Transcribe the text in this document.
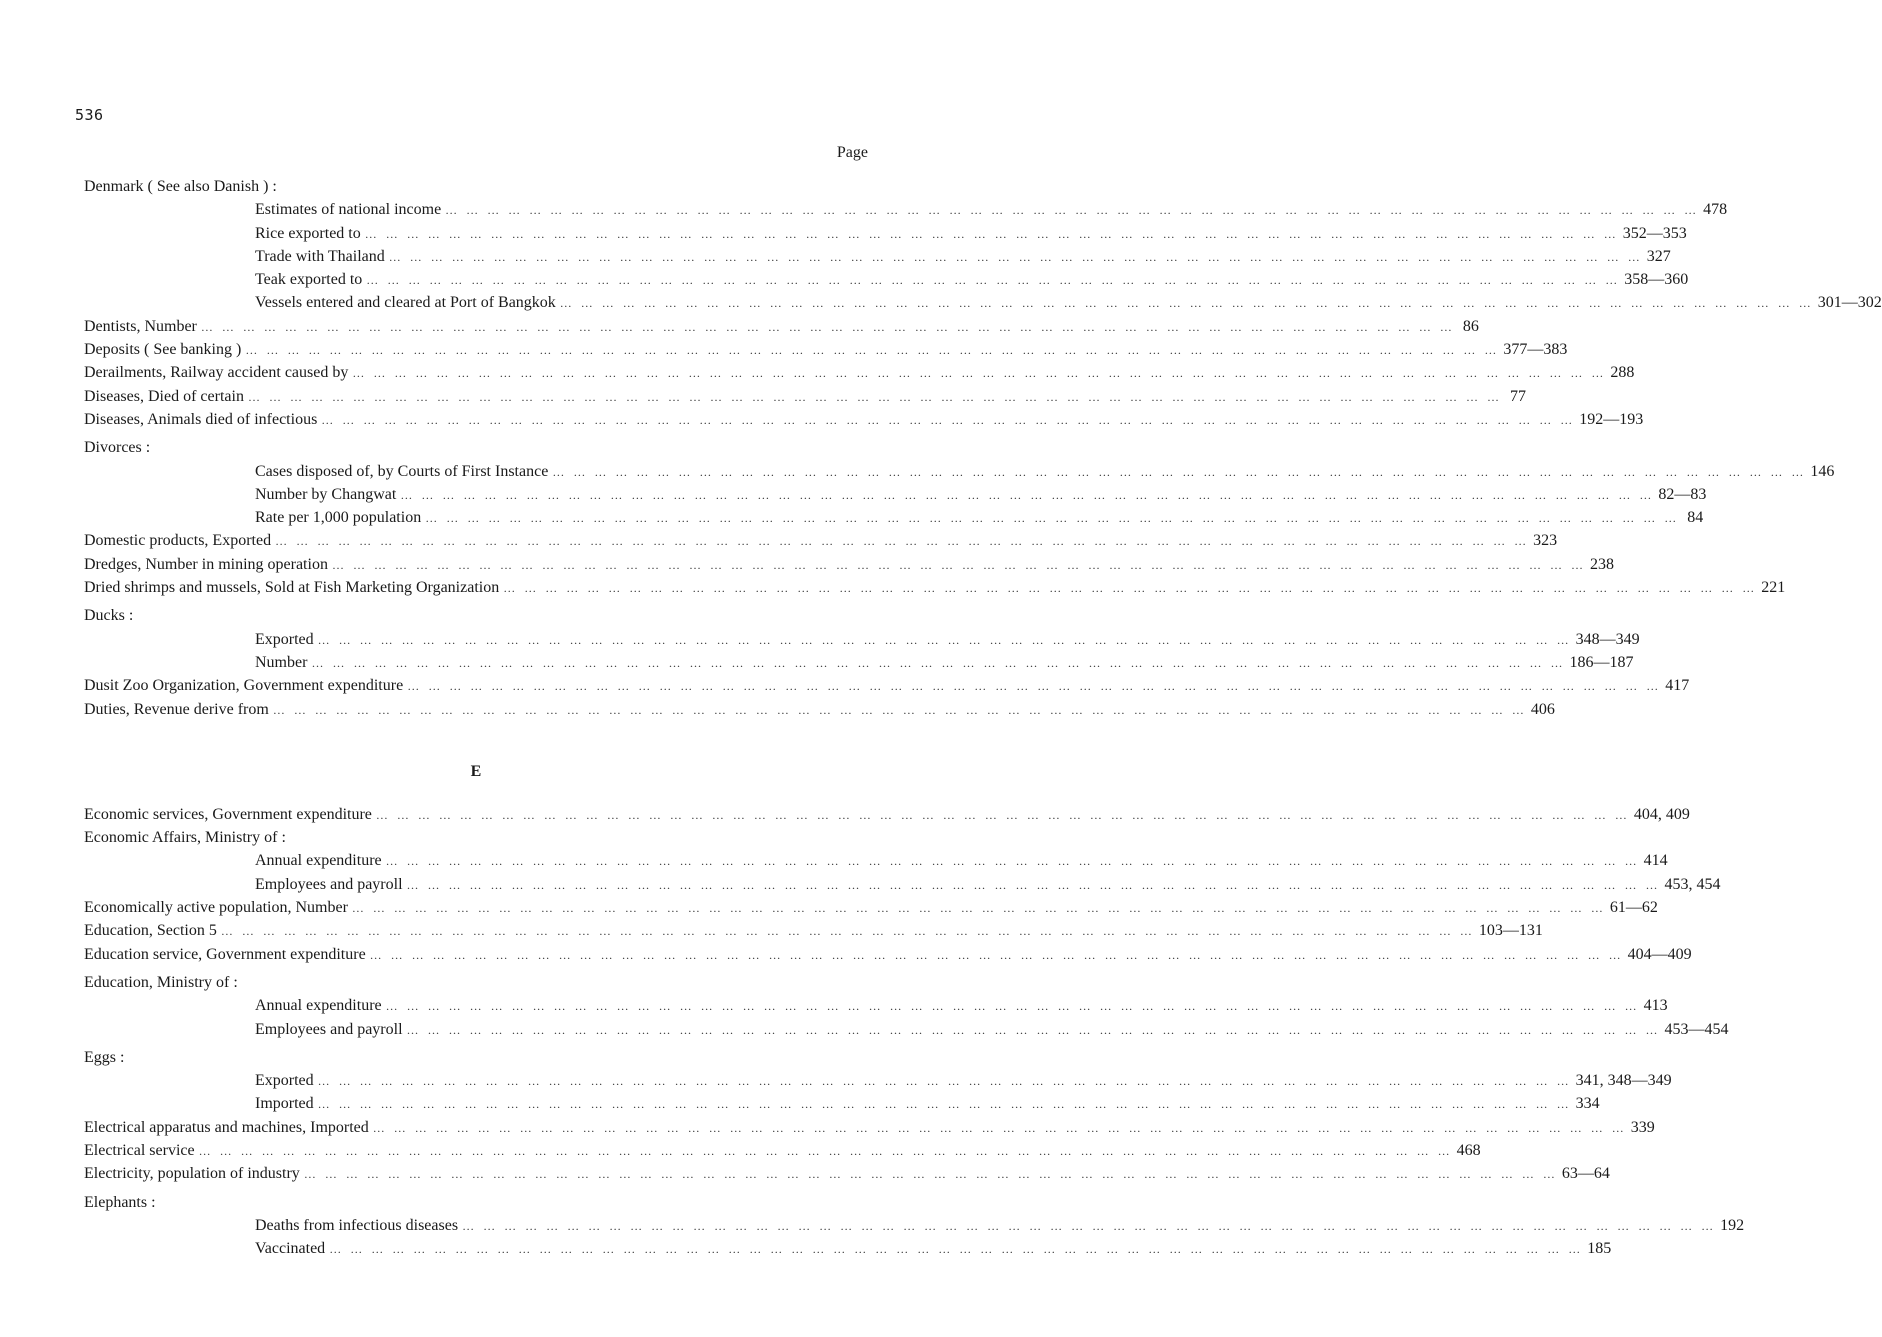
536
Page
Denmark ( See also Danish ) :
Estimates of national income … … … … … … … … … … … … … … … … … … … … … … … … … … … … … … … … … … … … … … … … … … … … … … … … … … … … … … … … … … … … 478
Rice exported to … … … … … … … … … … … … … … … … … … … … … … … … … … … … … … … … … … … … … … … … … … … … … … … … … … … … … … … … … … … … 352—353
Trade with Thailand … … … … … … … … … … … … … … … … … … … … … … … … … … … … … … … … … … … … … … … … … … … … … … … … … … … … … … … … … … … … 327
Teak exported to … … … … … … … … … … … … … … … … … … … … … … … … … … … … … … … … … … … … … … … … … … … … … … … … … … … … … … … … … … … … 358—360
Vessels entered and cleared at Port of Bangkok … … … … … … … … … … … … … … … … … … … … … … … … … … … … … … … … … … … … … … … … … … … … … … … … … … … … … … … … … … … … 301—302
Dentists, Number … … … … … … … … … … … … … … … … … … … … … … … … … … … … … … … … … … … … … … … … … … … … … … … … … … … … … … … … … … … … 86
Deposits ( See banking ) … … … … … … … … … … … … … … … … … … … … … … … … … … … … … … … … … … … … … … … … … … … … … … … … … … … … … … … … … … … … 377—383
Derailments, Railway accident caused by … … … … … … … … … … … … … … … … … … … … … … … … … … … … … … … … … … … … … … … … … … … … … … … … … … … … … … … … … … … … 288
Diseases, Died of certain … … … … … … … … … … … … … … … … … … … … … … … … … … … … … … … … … … … … … … … … … … … … … … … … … … … … … … … … … … … … 77
Diseases, Animals died of infectious … … … … … … … … … … … … … … … … … … … … … … … … … … … … … … … … … … … … … … … … … … … … … … … … … … … … … … … … … … … … 192—193
Divorces :
Cases disposed of, by Courts of First Instance … … … … … … … … … … … … … … … … … … … … … … … … … … … … … … … … … … … … … … … … … … … … … … … … … … … … … … … … … … … … 146
Number by Changwat … … … … … … … … … … … … … … … … … … … … … … … … … … … … … … … … … … … … … … … … … … … … … … … … … … … … … … … … … … … … 82—83
Rate per 1,000 population … … … … … … … … … … … … … … … … … … … … … … … … … … … … … … … … … … … … … … … … … … … … … … … … … … … … … … … … … … … … 84
Domestic products, Exported … … … … … … … … … … … … … … … … … … … … … … … … … … … … … … … … … … … … … … … … … … … … … … … … … … … … … … … … … … … … 323
Dredges, Number in mining operation … … … … … … … … … … … … … … … … … … … … … … … … … … … … … … … … … … … … … … … … … … … … … … … … … … … … … … … … … … … … 238
Dried shrimps and mussels, Sold at Fish Marketing Organization … … … … … … … … … … … … … … … … … … … … … … … … … … … … … … … … … … … … … … … … … … … … … … … … … … … … … … … … … … … … 221
Ducks :
Exported … … … … … … … … … … … … … … … … … … … … … … … … … … … … … … … … … … … … … … … … … … … … … … … … … … … … … … … … … … … … 348—349
Number … … … … … … … … … … … … … … … … … … … … … … … … … … … … … … … … … … … … … … … … … … … … … … … … … … … … … … … … … … … … 186—187
Dusit Zoo Organization, Government expenditure … … … … … … … … … … … … … … … … … … … … … … … … … … … … … … … … … … … … … … … … … … … … … … … … … … … … … … … … … … … … 417
Duties, Revenue derive from … … … … … … … … … … … … … … … … … … … … … … … … … … … … … … … … … … … … … … … … … … … … … … … … … … … … … … … … … … … … 406
E
Economic services, Government expenditure … … … … … … … … … … … … … … … … … … … … … … … … … … … … … … … … … … … … … … … … … … … … … … … … … … … … … … … … … … … … 404, 409
Economic Affairs, Ministry of :
Annual expenditure … … … … … … … … … … … … … … … … … … … … … … … … … … … … … … … … … … … … … … … … … … … … … … … … … … … … … … … … … … … … 414
Employees and payroll … … … … … … … … … … … … … … … … … … … … … … … … … … … … … … … … … … … … … … … … … … … … … … … … … … … … … … … … … … … … 453, 454
Economically active population, Number … … … … … … … … … … … … … … … … … … … … … … … … … … … … … … … … … … … … … … … … … … … … … … … … … … … … … … … … … … … … 61—62
Education, Section 5 … … … … … … … … … … … … … … … … … … … … … … … … … … … … … … … … … … … … … … … … … … … … … … … … … … … … … … … … … … … … 103—131
Education service, Government expenditure … … … … … … … … … … … … … … … … … … … … … … … … … … … … … … … … … … … … … … … … … … … … … … … … … … … … … … … … … … … … 404—409
Education, Ministry of :
Annual expenditure … … … … … … … … … … … … … … … … … … … … … … … … … … … … … … … … … … … … … … … … … … … … … … … … … … … … … … … … … … … … 413
Employees and payroll … … … … … … … … … … … … … … … … … … … … … … … … … … … … … … … … … … … … … … … … … … … … … … … … … … … … … … … … … … … … 453—454
Eggs :
Exported … … … … … … … … … … … … … … … … … … … … … … … … … … … … … … … … … … … … … … … … … … … … … … … … … … … … … … … … … … … … 341, 348—349
Imported … … … … … … … … … … … … … … … … … … … … … … … … … … … … … … … … … … … … … … … … … … … … … … … … … … … … … … … … … … … … 334
Electrical apparatus and machines, Imported … … … … … … … … … … … … … … … … … … … … … … … … … … … … … … … … … … … … … … … … … … … … … … … … … … … … … … … … … … … … 339
Electrical service … … … … … … … … … … … … … … … … … … … … … … … … … … … … … … … … … … … … … … … … … … … … … … … … … … … … … … … … … … … … 468
Electricity, population of industry … … … … … … … … … … … … … … … … … … … … … … … … … … … … … … … … … … … … … … … … … … … … … … … … … … … … … … … … … … … … 63—64
Elephants :
Deaths from infectious diseases … … … … … … … … … … … … … … … … … … … … … … … … … … … … … … … … … … … … … … … … … … … … … … … … … … … … … … … … … … … … 192
Vaccinated … … … … … … … … … … … … … … … … … … … … … … … … … … … … … … … … … … … … … … … … … … … … … … … … … … … … … … … … … … … … 185
